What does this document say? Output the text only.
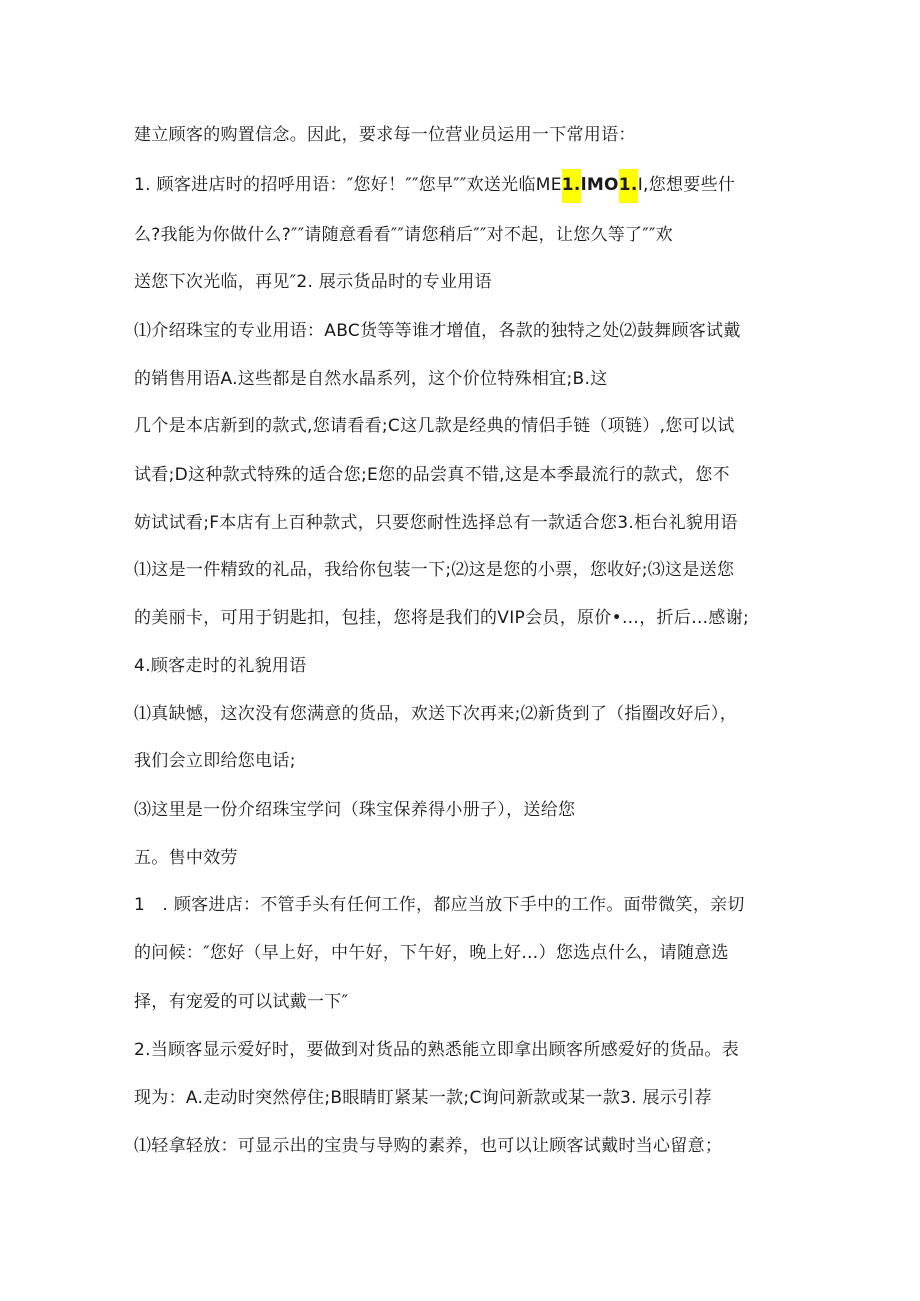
建立顾客的购置信念。因此，要求每一位营业员运用一下常用语：
1. 顾客进店时的招呼用语：″您好！″″您早″″欢送光临ME1.lMO1.I,您想要些什
么?我能为你做什么?″″请随意看看″″请您稍后″″对不起，让您久等了″″欢
送您下次光临，再见″2. 展示货品时的专业用语
⑴介绍珠宝的专业用语：ABC货等等谁才增值，各款的独特之处⑵鼓舞顾客试戴
的销售用语A.这些都是自然水晶系列，这个价位特殊相宜;B.这
几个是本店新到的款式,您请看看;C这几款是经典的情侣手链（项链）,您可以试
试看;D这种款式特殊的适合您;E您的品尝真不错,这是本季最流行的款式，您不
妨试试看;F本店有上百种款式，只要您耐性选择总有一款适合您3.柜台礼貌用语
⑴这是一件精致的礼品，我给你包装一下;⑵这是您的小票，您收好;⑶这是送您
的美丽卡，可用于钥匙扣，包挂，您将是我们的VIP会员，原价•…，折后…感谢;
4.顾客走时的礼貌用语
⑴真缺憾，这次没有您满意的货品，欢送下次再来;⑵新货到了（指圈改好后），
我们会立即给您电话;
⑶这里是一份介绍珠宝学问（珠宝保养得小册子），送给您
五。售中效劳
1　. 顾客进店：不管手头有任何工作，都应当放下手中的工作。面带微笑，亲切
的问候：″您好（早上好，中午好，下午好，晚上好…）您选点什么，请随意选
择，有宠爱的可以试戴一下″
2.当顾客显示爱好时，要做到对货品的熟悉能立即拿出顾客所感爱好的货品。表
现为：A.走动时突然停住;B眼睛盯紧某一款;C询问新款或某一款3. 展示引荐
⑴轻拿轻放：可显示出的宝贵与导购的素养，也可以让顾客试戴时当心留意；
